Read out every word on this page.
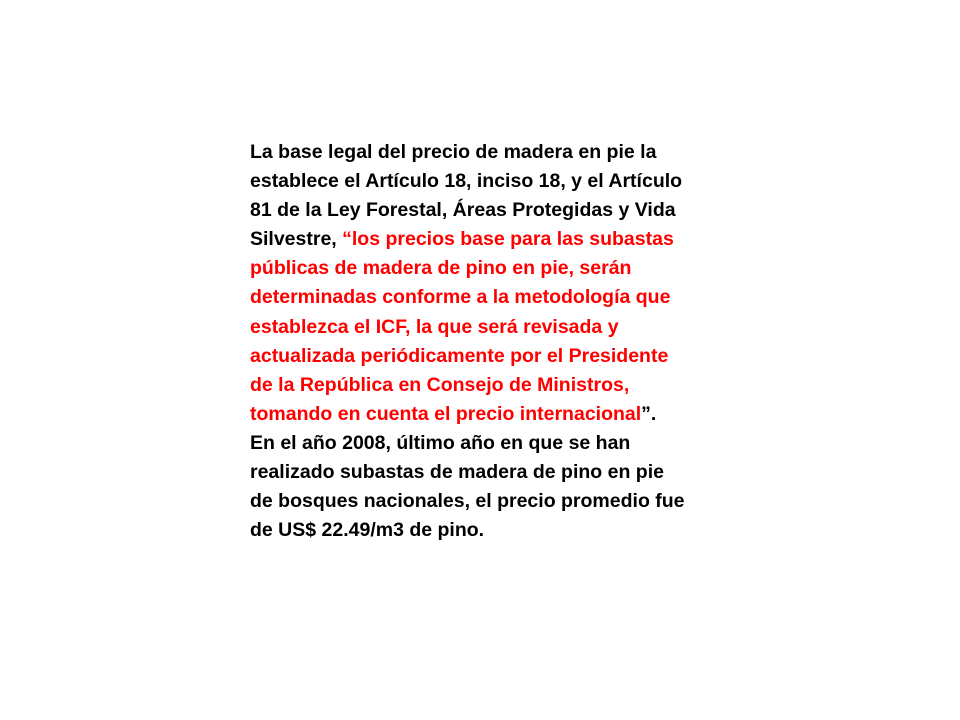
La base legal del precio de madera en pie la
establece el Artículo 18, inciso 18, y el Artículo
81 de la Ley Forestal, Áreas Protegidas y Vida
Silvestre, “los precios base para las subastas
públicas de madera de pino en pie, serán
determinadas conforme a la metodología que
establezca el ICF, la que será revisada y
actualizada periódicamente por el Presidente
de la República en Consejo de Ministros,
tomando en cuenta el precio internacional”.
En el año 2008, último año en que se han
realizado subastas de madera de pino en pie
de bosques nacionales, el precio promedio fue
de US$ 22.49/m3 de pino.
